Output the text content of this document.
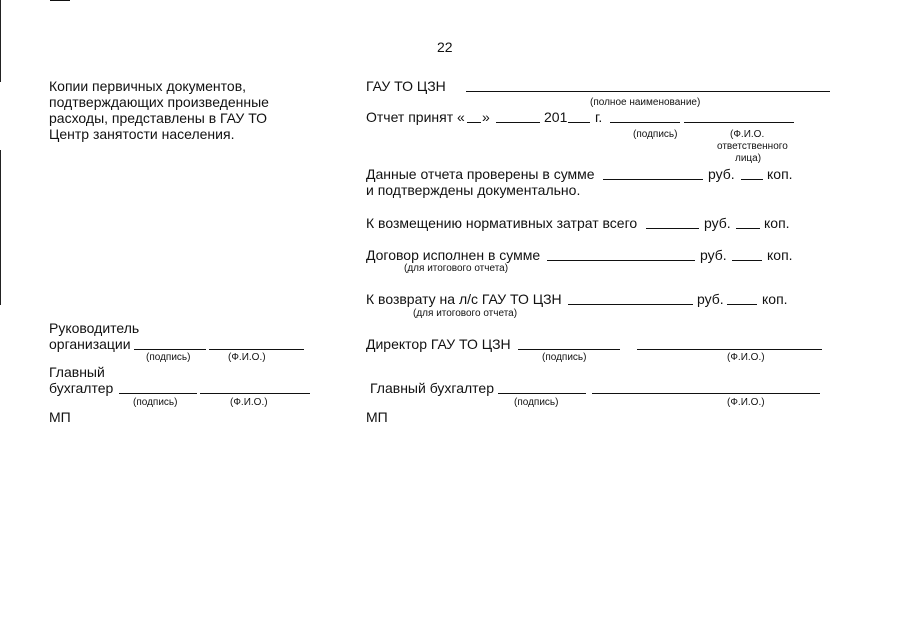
22
Копии первичных документов,
подтверждающих произведенные
расходы, представлены в ГАУ ТО
Центр занятости населения.
Руководитель
организации
(подпись)	(Ф.И.О.)
Главный
бухгалтер
(подпись)	(Ф.И.О.)
МП
ГАУ ТО ЦЗН
(полное наименование)
Отчет принят « »	201 г.
(подпись)	(Ф.И.О.
ответственного
лица)
Данные отчета проверены в сумме	руб. коп.
и подтверждены документально.
К возмещению нормативных затрат всего	руб. коп.
Договор исполнен в сумме	руб.	коп.
(для итогового отчета)
К возврату на л/с ГАУ ТО ЦЗН	руб.	коп.
(для итогового отчета)
Директор ГАУ ТО ЦЗН
(подпись)	(Ф.И.О.)
Главный бухгалтер
(подпись)	(Ф.И.О.)
МП
